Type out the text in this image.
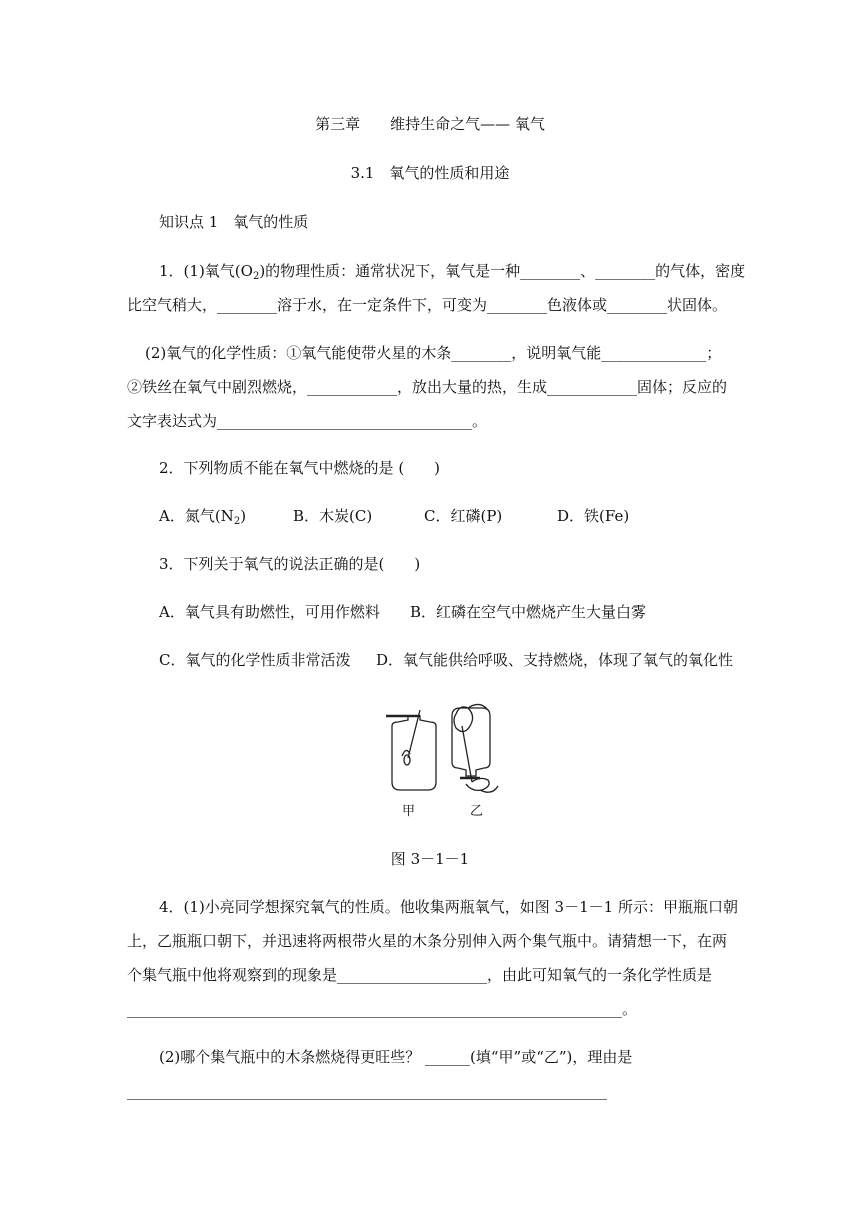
第三章　　维持生命之气—— 氧气
3.1　氧气的性质和用途
知识点 1　氧气的性质
1．(1)氧气$(O_2)$的物理性质：通常状况下，氧气是一种________、________的气体，密度
比空气稍大，________溶于水，在一定条件下，可变为________色液体或________状固体。
(2)氧气的化学性质：①氧气能使带火星的木条________，说明氧气能______________；
②铁丝在氧气中剧烈燃烧，____________，放出大量的热，生成____________固体；反应的
文字表达式为__________________________________。
2．下列物质不能在氧气中燃烧的是 (　　)
A．氮气$(N_2)$	B．木炭(C)	C．红磷(P)	D．铁(Fe)
3．下列关于氧气的说法正确的是(　　)
A．氧气具有助燃性，可用作燃料 B．红磷在空气中燃烧产生大量白雾
C．氧气的化学性质非常活泼 D．氧气能供给呼吸、支持燃烧，体现了氧气的氧化性
甲	乙
图 3－1－1
4．(1)小亮同学想探究氧气的性质。他收集两瓶氧气，如图 3－1－1 所示：甲瓶瓶口朝
上，乙瓶瓶口朝下，并迅速将两根带火星的木条分别伸入两个集气瓶中。请猜想一下，在两
个集气瓶中他将观察到的现象是____________________，由此可知氧气的一条化学性质是
__________________________________________________________________。
(2)哪个集气瓶中的木条燃烧得更旺些？ ______(填“甲”或“乙”)，理由是
________________________________________________________________
